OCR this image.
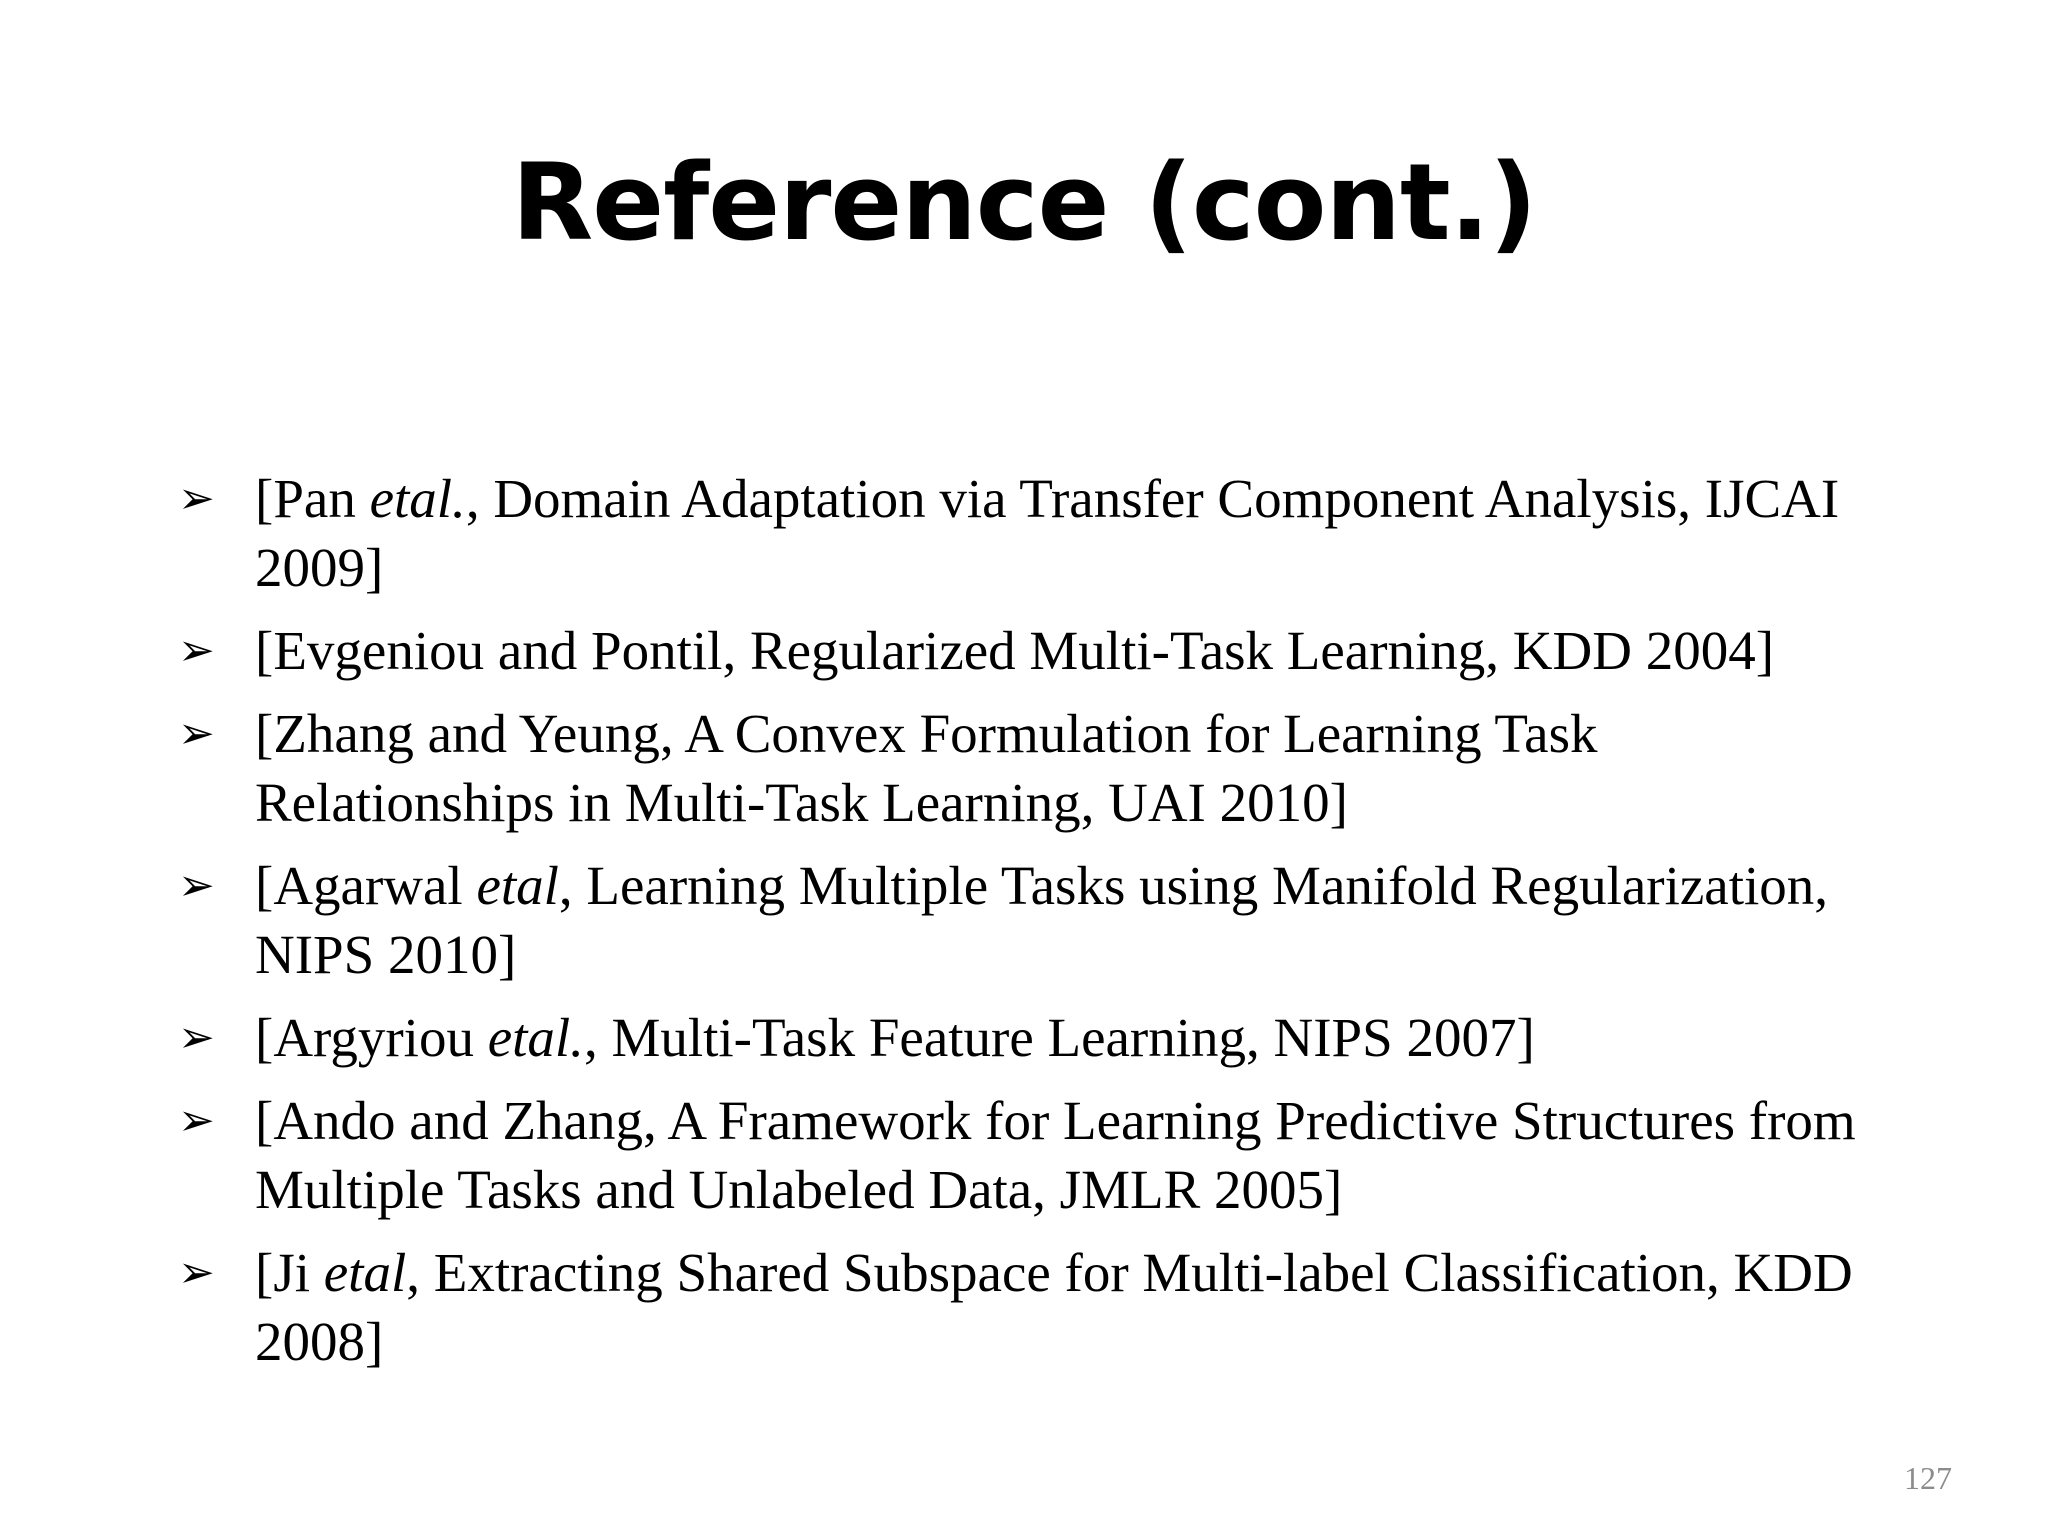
Reference (cont.)
➢ [Pan etal., Domain Adaptation via Transfer Component Analysis, IJCAI 2009]
➢ [Evgeniou and Pontil, Regularized Multi-Task Learning, KDD 2004]
➢ [Zhang and Yeung, A Convex Formulation for Learning Task Relationships in Multi-Task Learning, UAI 2010]
➢ [Agarwal etal, Learning Multiple Tasks using Manifold Regularization, NIPS 2010]
➢ [Argyriou etal., Multi-Task Feature Learning, NIPS 2007]
➢ [Ando and Zhang, A Framework for Learning Predictive Structures from Multiple Tasks and Unlabeled Data, JMLR 2005]
➢ [Ji etal, Extracting Shared Subspace for Multi-label Classification, KDD 2008]
127
